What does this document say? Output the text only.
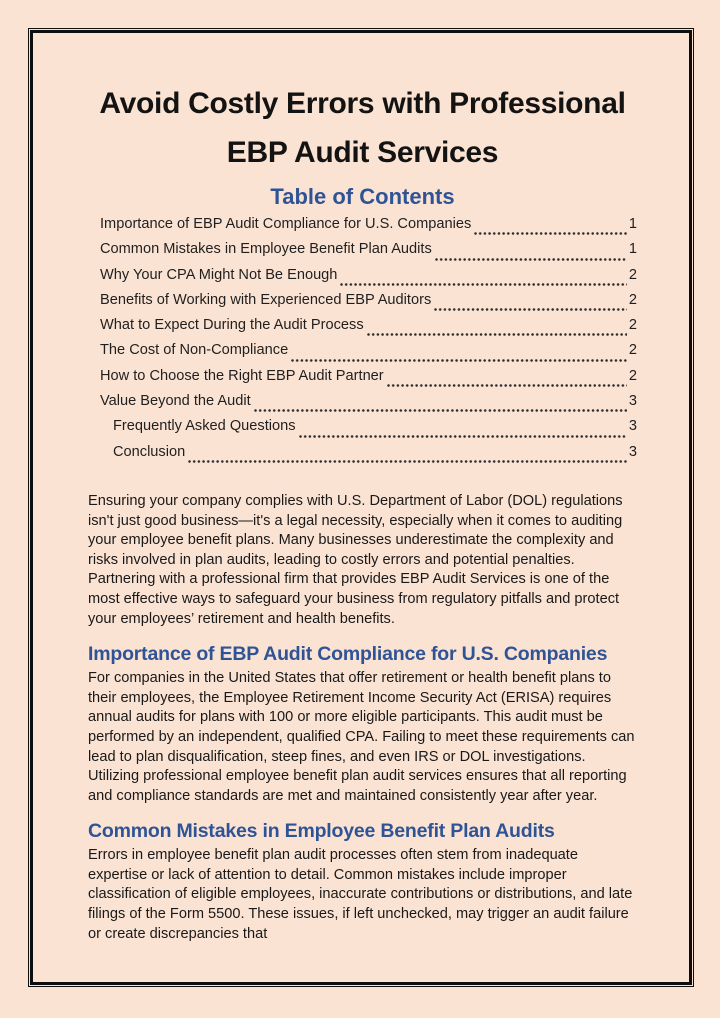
Avoid Costly Errors with Professional
EBP Audit Services
Table of Contents
Importance of EBP Audit Compliance for U.S. Companies	1
Common Mistakes in Employee Benefit Plan Audits	1
Why Your CPA Might Not Be Enough	2
Benefits of Working with Experienced EBP Auditors	2
What to Expect During the Audit Process	2
The Cost of Non-Compliance	2
How to Choose the Right EBP Audit Partner	2
Value Beyond the Audit	3
Frequently Asked Questions	3
Conclusion	3

Ensuring your company complies with U.S. Department of Labor (DOL) regulations isn't just good business—it's a legal necessity, especially when it comes to auditing your employee benefit plans. Many businesses underestimate the complexity and risks involved in plan audits, leading to costly errors and potential penalties. Partnering with a professional firm that provides EBP Audit Services is one of the most effective ways to safeguard your business from regulatory pitfalls and protect your employees’ retirement and health benefits.

Importance of EBP Audit Compliance for U.S. Companies

For companies in the United States that offer retirement or health benefit plans to their employees, the Employee Retirement Income Security Act (ERISA) requires annual audits for plans with 100 or more eligible participants. This audit must be performed by an independent, qualified CPA. Failing to meet these requirements can lead to plan disqualification, steep fines, and even IRS or DOL investigations. Utilizing professional employee benefit plan audit services ensures that all reporting and compliance standards are met and maintained consistently year after year.

Common Mistakes in Employee Benefit Plan Audits

Errors in employee benefit plan audit processes often stem from inadequate expertise or lack of attention to detail. Common mistakes include improper classification of eligible employees, inaccurate contributions or distributions, and late filings of the Form 5500. These issues, if left unchecked, may trigger an audit failure or create discrepancies that
